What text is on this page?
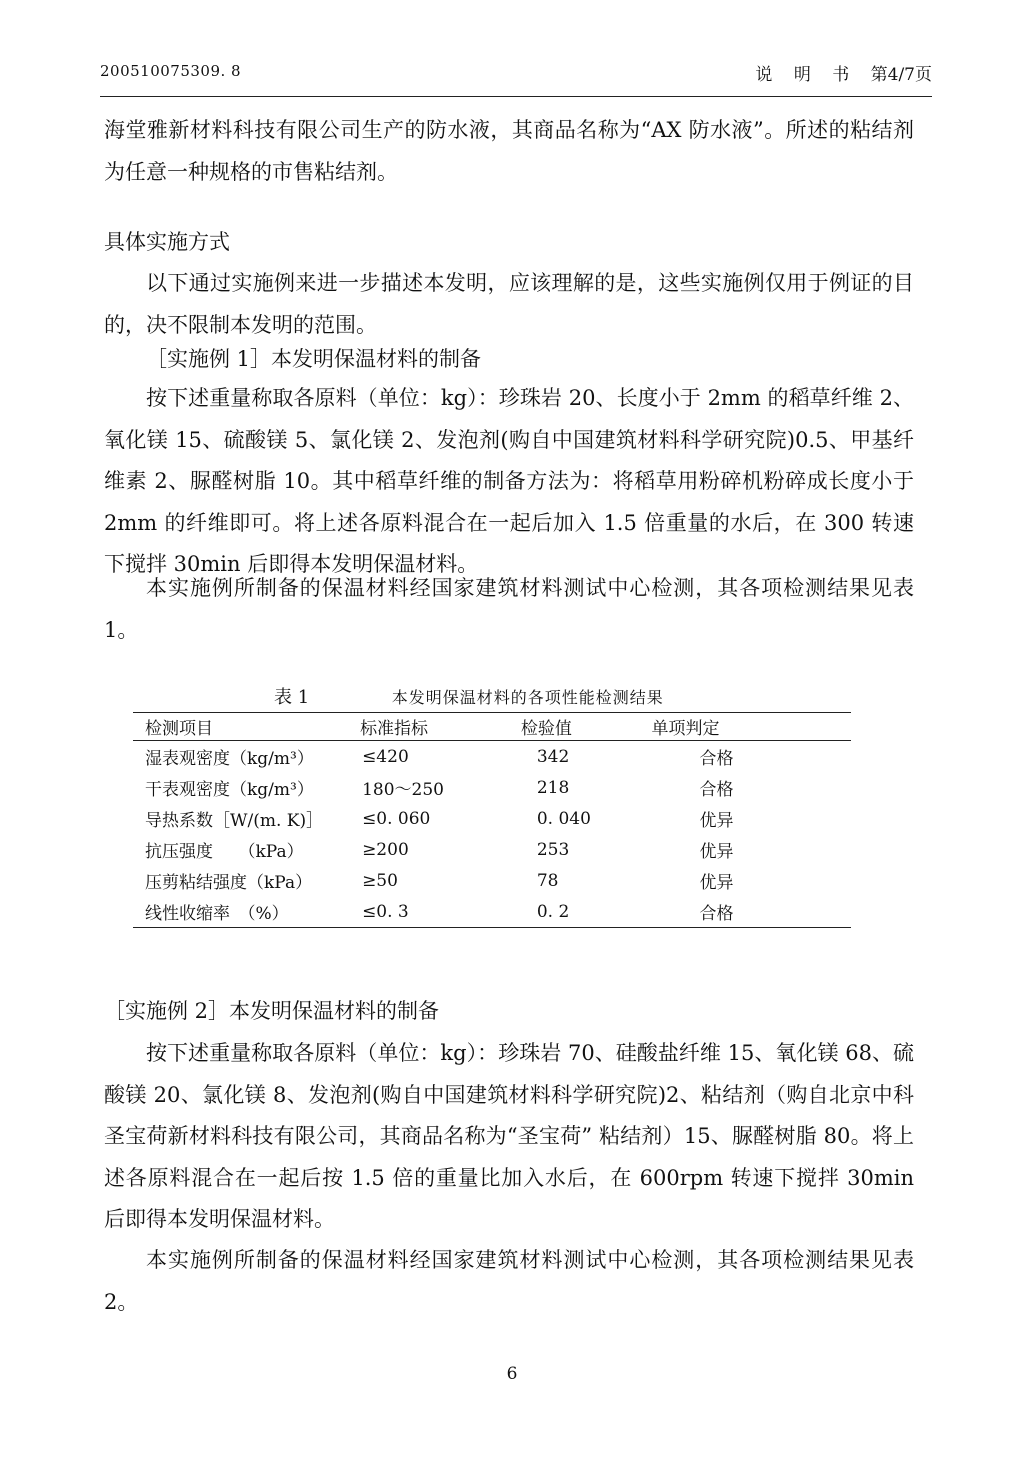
200510075309. 8	说 明 书 第4/7页

海堂雅新材料科技有限公司生产的防水液，其商品名称为“AX 防水液”。所述的粘结剂为任意一种规格的市售粘结剂。

具体实施方式

以下通过实施例来进一步描述本发明，应该理解的是，这些实施例仅用于例证的目的，决不限制本发明的范围。

［实施例 1］本发明保温材料的制备

按下述重量称取各原料（单位：kg）：珍珠岩 20、长度小于 2mm 的稻草纤维 2、氧化镁 15、硫酸镁 5、氯化镁 2、发泡剂(购自中国建筑材料科学研究院)0.5、甲基纤维素 2、脲醛树脂 10。其中稻草纤维的制备方法为：将稻草用粉碎机粉碎成长度小于 2mm 的纤维即可。将上述各原料混合在一起后加入 1.5 倍重量的水后，在 300 转速下搅拌 30min 后即得本发明保温材料。

本实施例所制备的保温材料经国家建筑材料测试中心检测，其各项检测结果见表 1。

表 1	本发明保温材料的各项性能检测结果
检测项目	标准指标	检验值	单项判定
湿表观密度（kg/m³）	≤420	342	合格
干表观密度（kg/m³）	180～250	218	合格
导热系数［W/(m. K)］	≤0. 060	0. 040	优异
抗压强度　　（kPa）	≥200	253	优异
压剪粘结强度（kPa）	≥50	78	优异
线性收缩率　（%）	≤0. 3	0. 2	合格

［实施例 2］本发明保温材料的制备

按下述重量称取各原料（单位：kg）：珍珠岩 70、硅酸盐纤维 15、氧化镁 68、硫酸镁 20、氯化镁 8、发泡剂(购自中国建筑材料科学研究院)2、粘结剂（购自北京中科圣宝荷新材料科技有限公司，其商品名称为“圣宝荷” 粘结剂）15、脲醛树脂 80。将上述各原料混合在一起后按 1.5 倍的重量比加入水后，在 600rpm 转速下搅拌 30min 后即得本发明保温材料。

本实施例所制备的保温材料经国家建筑材料测试中心检测，其各项检测结果见表 2。

6
